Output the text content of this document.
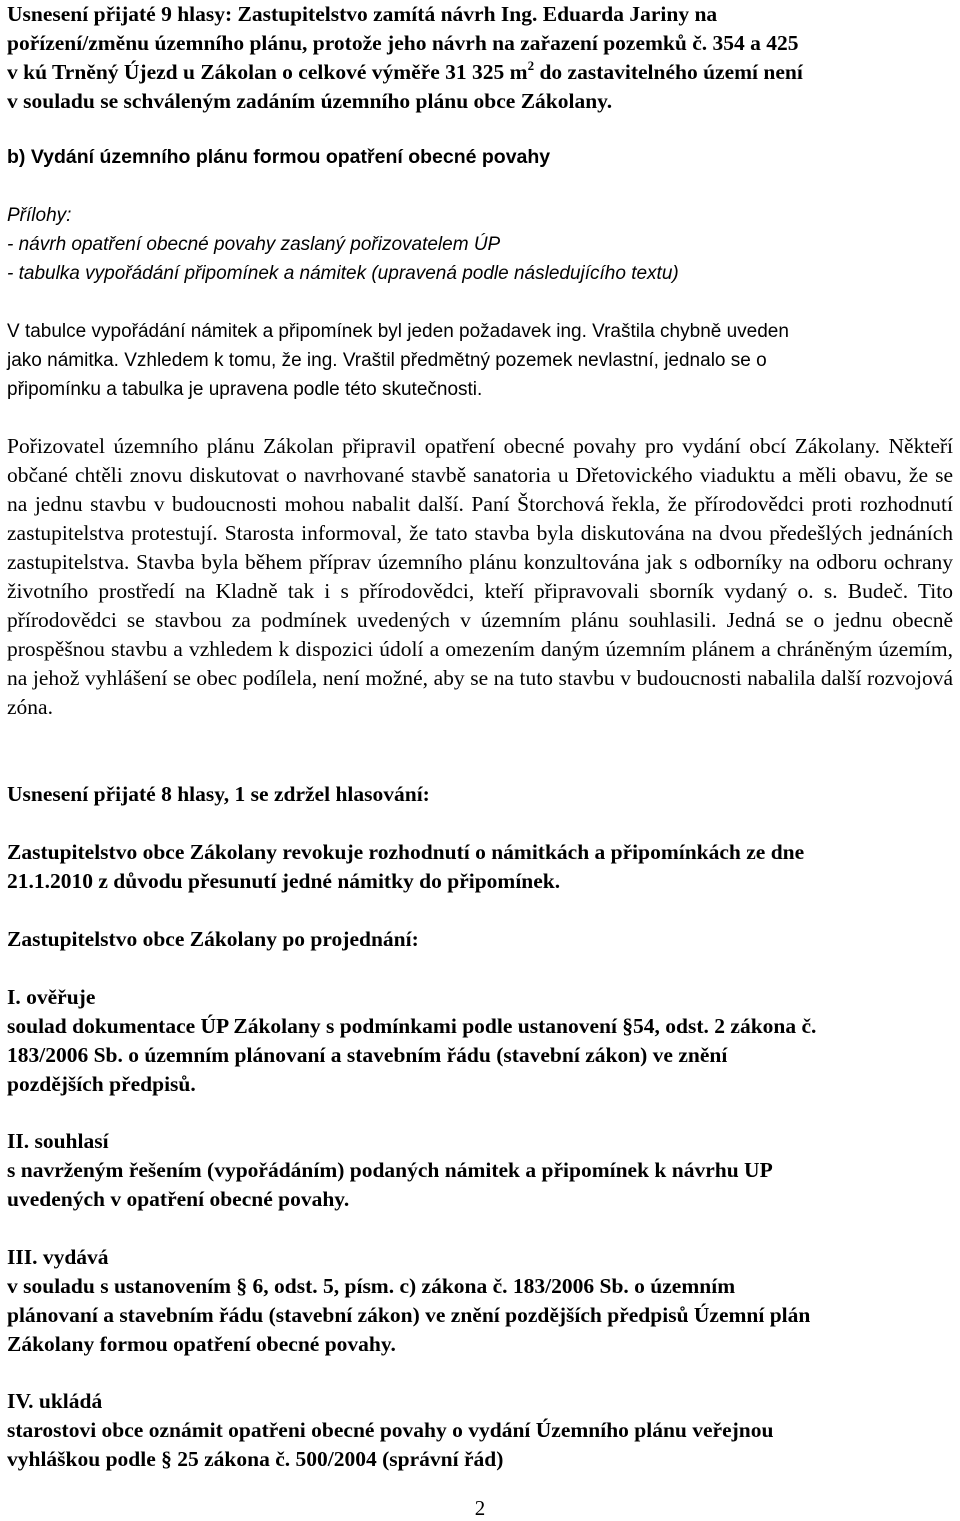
Usnesení přijaté 9 hlasy: Zastupitelstvo zamítá návrh Ing. Eduarda Jariny na

pořízení/změnu územního plánu, protože jeho návrh na zařazení pozemků č. 354 a 425

v kú Trněný Újezd u Zákolan o celkové výměře 31 325 $m^2$ do zastavitelného území není

v souladu se schváleným zadáním územního plánu obce Zákolany.

b) Vydání územního plánu formou opatření obecné povahy

Přílohy:

- návrh opatření obecné povahy zaslaný pořizovatelem ÚP

- tabulka vypořádání připomínek a námitek (upravená podle následujícího textu)

V tabulce vypořádání námitek a připomínek byl jeden požadavek ing. Vraštila chybně uveden

jako námitka. Vzhledem k tomu, že ing. Vraštil předmětný pozemek nevlastní, jednalo se o

připomínku a tabulka je upravena podle této skutečnosti.

Pořizovatel územního plánu Zákolan připravil opatření obecné povahy pro vydání obcí Zákolany. Někteří občané chtěli znovu diskutovat o navrhované stavbě sanatoria u Dřetovického viaduktu a měli obavu, že se na jednu stavbu v budoucnosti mohou nabalit další. Paní Štorchová řekla, že přírodovědci proti rozhodnutí zastupitelstva protestují. Starosta informoval, že tato stavba byla diskutována na dvou předešlých jednáních zastupitelstva. Stavba byla během příprav územního plánu konzultována jak s odborníky na odboru ochrany životního prostředí na Kladně tak i s přírodovědci, kteří připravovali sborník vydaný o. s. Budeč. Tito přírodovědci se stavbou za podmínek uvedených v územním plánu souhlasili. Jedná se o jednu obecně prospěšnou stavbu a vzhledem k dispozici údolí a omezením daným územním plánem a chráněným územím, na jehož vyhlášení se obec podílela, není možné, aby se na tuto stavbu v budoucnosti nabalila další rozvojová zóna.

Usnesení přijaté 8 hlasy, 1 se zdržel hlasování:

Zastupitelstvo obce Zákolany revokuje rozhodnutí o námitkách a připomínkách ze dne

21.1.2010 z důvodu přesunutí jedné námitky do připomínek.

Zastupitelstvo obce Zákolany po projednání:

I. ověřuje

soulad dokumentace ÚP Zákolany s podmínkami podle ustanovení §54, odst. 2 zákona č.

183/2006 Sb. o územním plánovaní a stavebním řádu (stavební zákon) ve znění

pozdějších předpisů.

II. souhlasí

s navrženým řešením (vypořádáním) podaných námitek a připomínek k návrhu UP

uvedených v opatření obecné povahy.

III. vydává

v souladu s ustanovením § 6, odst. 5, písm. c) zákona č. 183/2006 Sb. o územním

plánovaní a stavebním řádu (stavební zákon) ve znění pozdějších předpisů Územní plán

Zákolany formou opatření obecné povahy.

IV. ukládá

starostovi obce oznámit opatřeni obecné povahy o vydání Územního plánu veřejnou

vyhláškou podle § 25 zákona č. 500/2004 (správní řád)

2
